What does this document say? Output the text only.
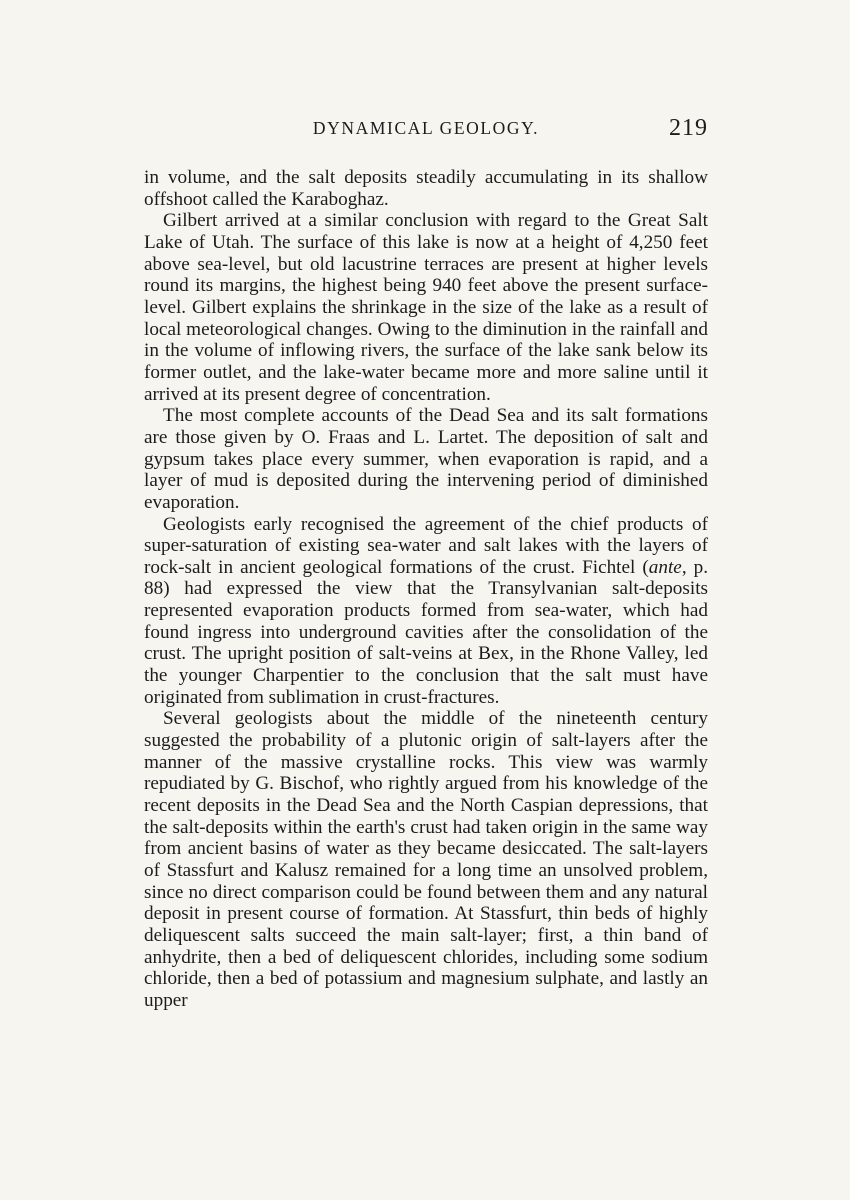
DYNAMICAL GEOLOGY.	219

in volume, and the salt deposits steadily accumulating in its shallow offshoot called the Karaboghaz.

Gilbert arrived at a similar conclusion with regard to the Great Salt Lake of Utah. The surface of this lake is now at a height of 4,250 feet above sea-level, but old lacustrine terraces are present at higher levels round its margins, the highest being 940 feet above the present surface-level. Gilbert explains the shrinkage in the size of the lake as a result of local meteorological changes. Owing to the diminution in the rainfall and in the volume of inflowing rivers, the surface of the lake sank below its former outlet, and the lake-water became more and more saline until it arrived at its present degree of concentration.

The most complete accounts of the Dead Sea and its salt formations are those given by O. Fraas and L. Lartet. The deposition of salt and gypsum takes place every summer, when evaporation is rapid, and a layer of mud is deposited during the intervening period of diminished evaporation.

Geologists early recognised the agreement of the chief products of super-saturation of existing sea-water and salt lakes with the layers of rock-salt in ancient geological formations of the crust. Fichtel (ante, p. 88) had expressed the view that the Transylvanian salt-deposits represented evaporation products formed from sea-water, which had found ingress into underground cavities after the consolidation of the crust. The upright position of salt-veins at Bex, in the Rhone Valley, led the younger Charpentier to the conclusion that the salt must have originated from sublimation in crust-fractures.

Several geologists about the middle of the nineteenth century suggested the probability of a plutonic origin of salt-layers after the manner of the massive crystalline rocks. This view was warmly repudiated by G. Bischof, who rightly argued from his knowledge of the recent deposits in the Dead Sea and the North Caspian depressions, that the salt-deposits within the earth's crust had taken origin in the same way from ancient basins of water as they became desiccated. The salt-layers of Stassfurt and Kalusz remained for a long time an unsolved problem, since no direct comparison could be found between them and any natural deposit in present course of formation. At Stassfurt, thin beds of highly deliquescent salts succeed the main salt-layer; first, a thin band of anhydrite, then a bed of deliquescent chlorides, including some sodium chloride, then a bed of potassium and magnesium sulphate, and lastly an upper
